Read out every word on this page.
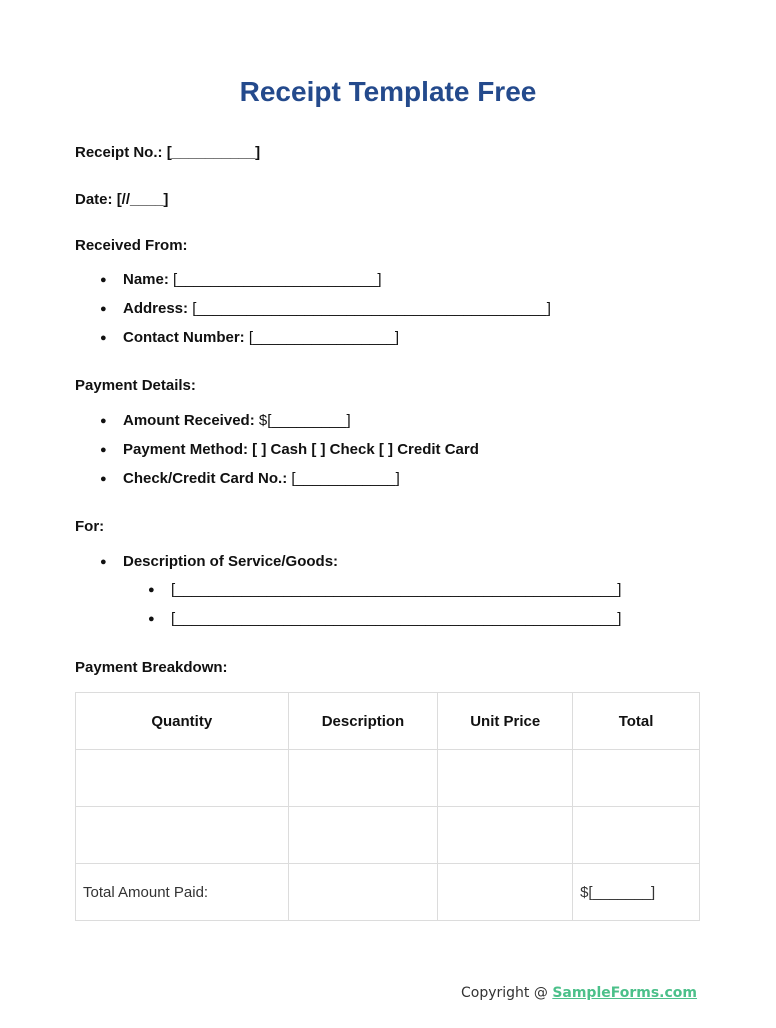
Receipt Template Free
Receipt No.: [__________]
Date: [//____]
Received From:
● Name: [________________________]
● Address: [__________________________________________]
● Contact Number: [_________________]
Payment Details:
● Amount Received: $[_________]
● Payment Method: [ ] Cash [ ] Check [ ] Credit Card
● Check/Credit Card No.: [____________]
For:
● Description of Service/Goods:
● [_____________________________________________________]
● [_____________________________________________________]
Payment Breakdown:
Quantity	Description	Unit Price	Total

Total Amount Paid:			$[_______]
Copyright @ SampleForms.com
